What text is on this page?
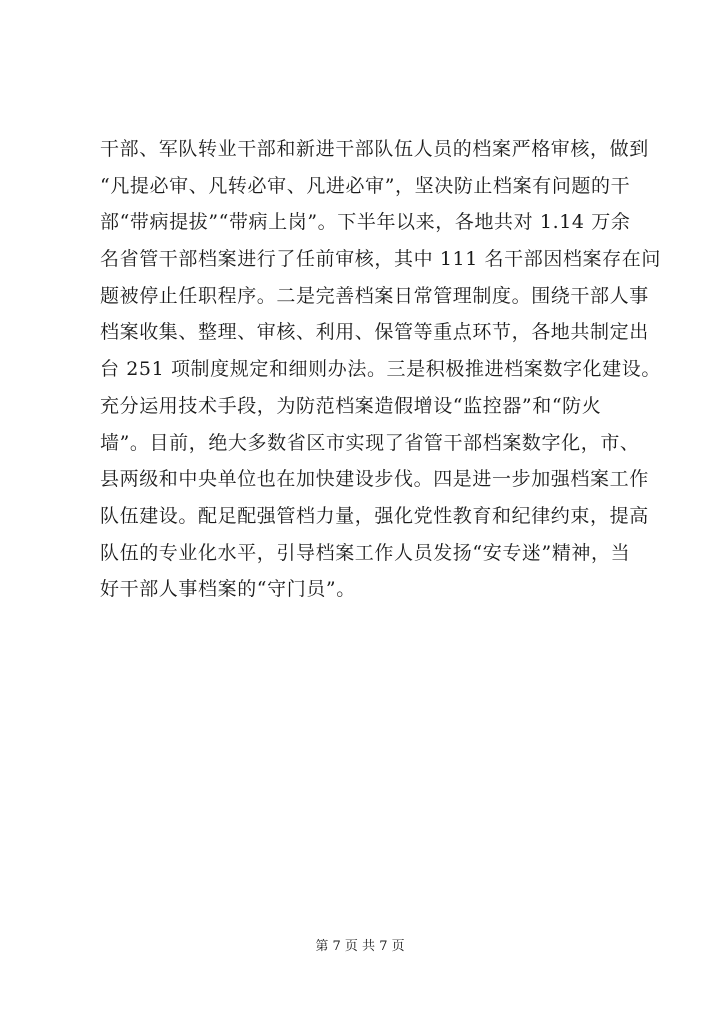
干部、军队转业干部和新进干部队伍人员的档案严格审核，做到
“凡提必审、凡转必审、凡进必审”，坚决防止档案有问题的干
部“带病提拔”“带病上岗”。下半年以来，各地共对 1.14 万余
名省管干部档案进行了任前审核，其中 111 名干部因档案存在问
题被停止任职程序。二是完善档案日常管理制度。围绕干部人事
档案收集、整理、审核、利用、保管等重点环节，各地共制定出
台 251 项制度规定和细则办法。三是积极推进档案数字化建设。
充分运用技术手段，为防范档案造假增设“监控器”和“防火
墙”。目前，绝大多数省区市实现了省管干部档案数字化，市、
县两级和中央单位也在加快建设步伐。四是进一步加强档案工作
队伍建设。配足配强管档力量，强化党性教育和纪律约束，提高
队伍的专业化水平，引导档案工作人员发扬“安专迷”精神，当
好干部人事档案的“守门员”。
第 7 页 共 7 页
